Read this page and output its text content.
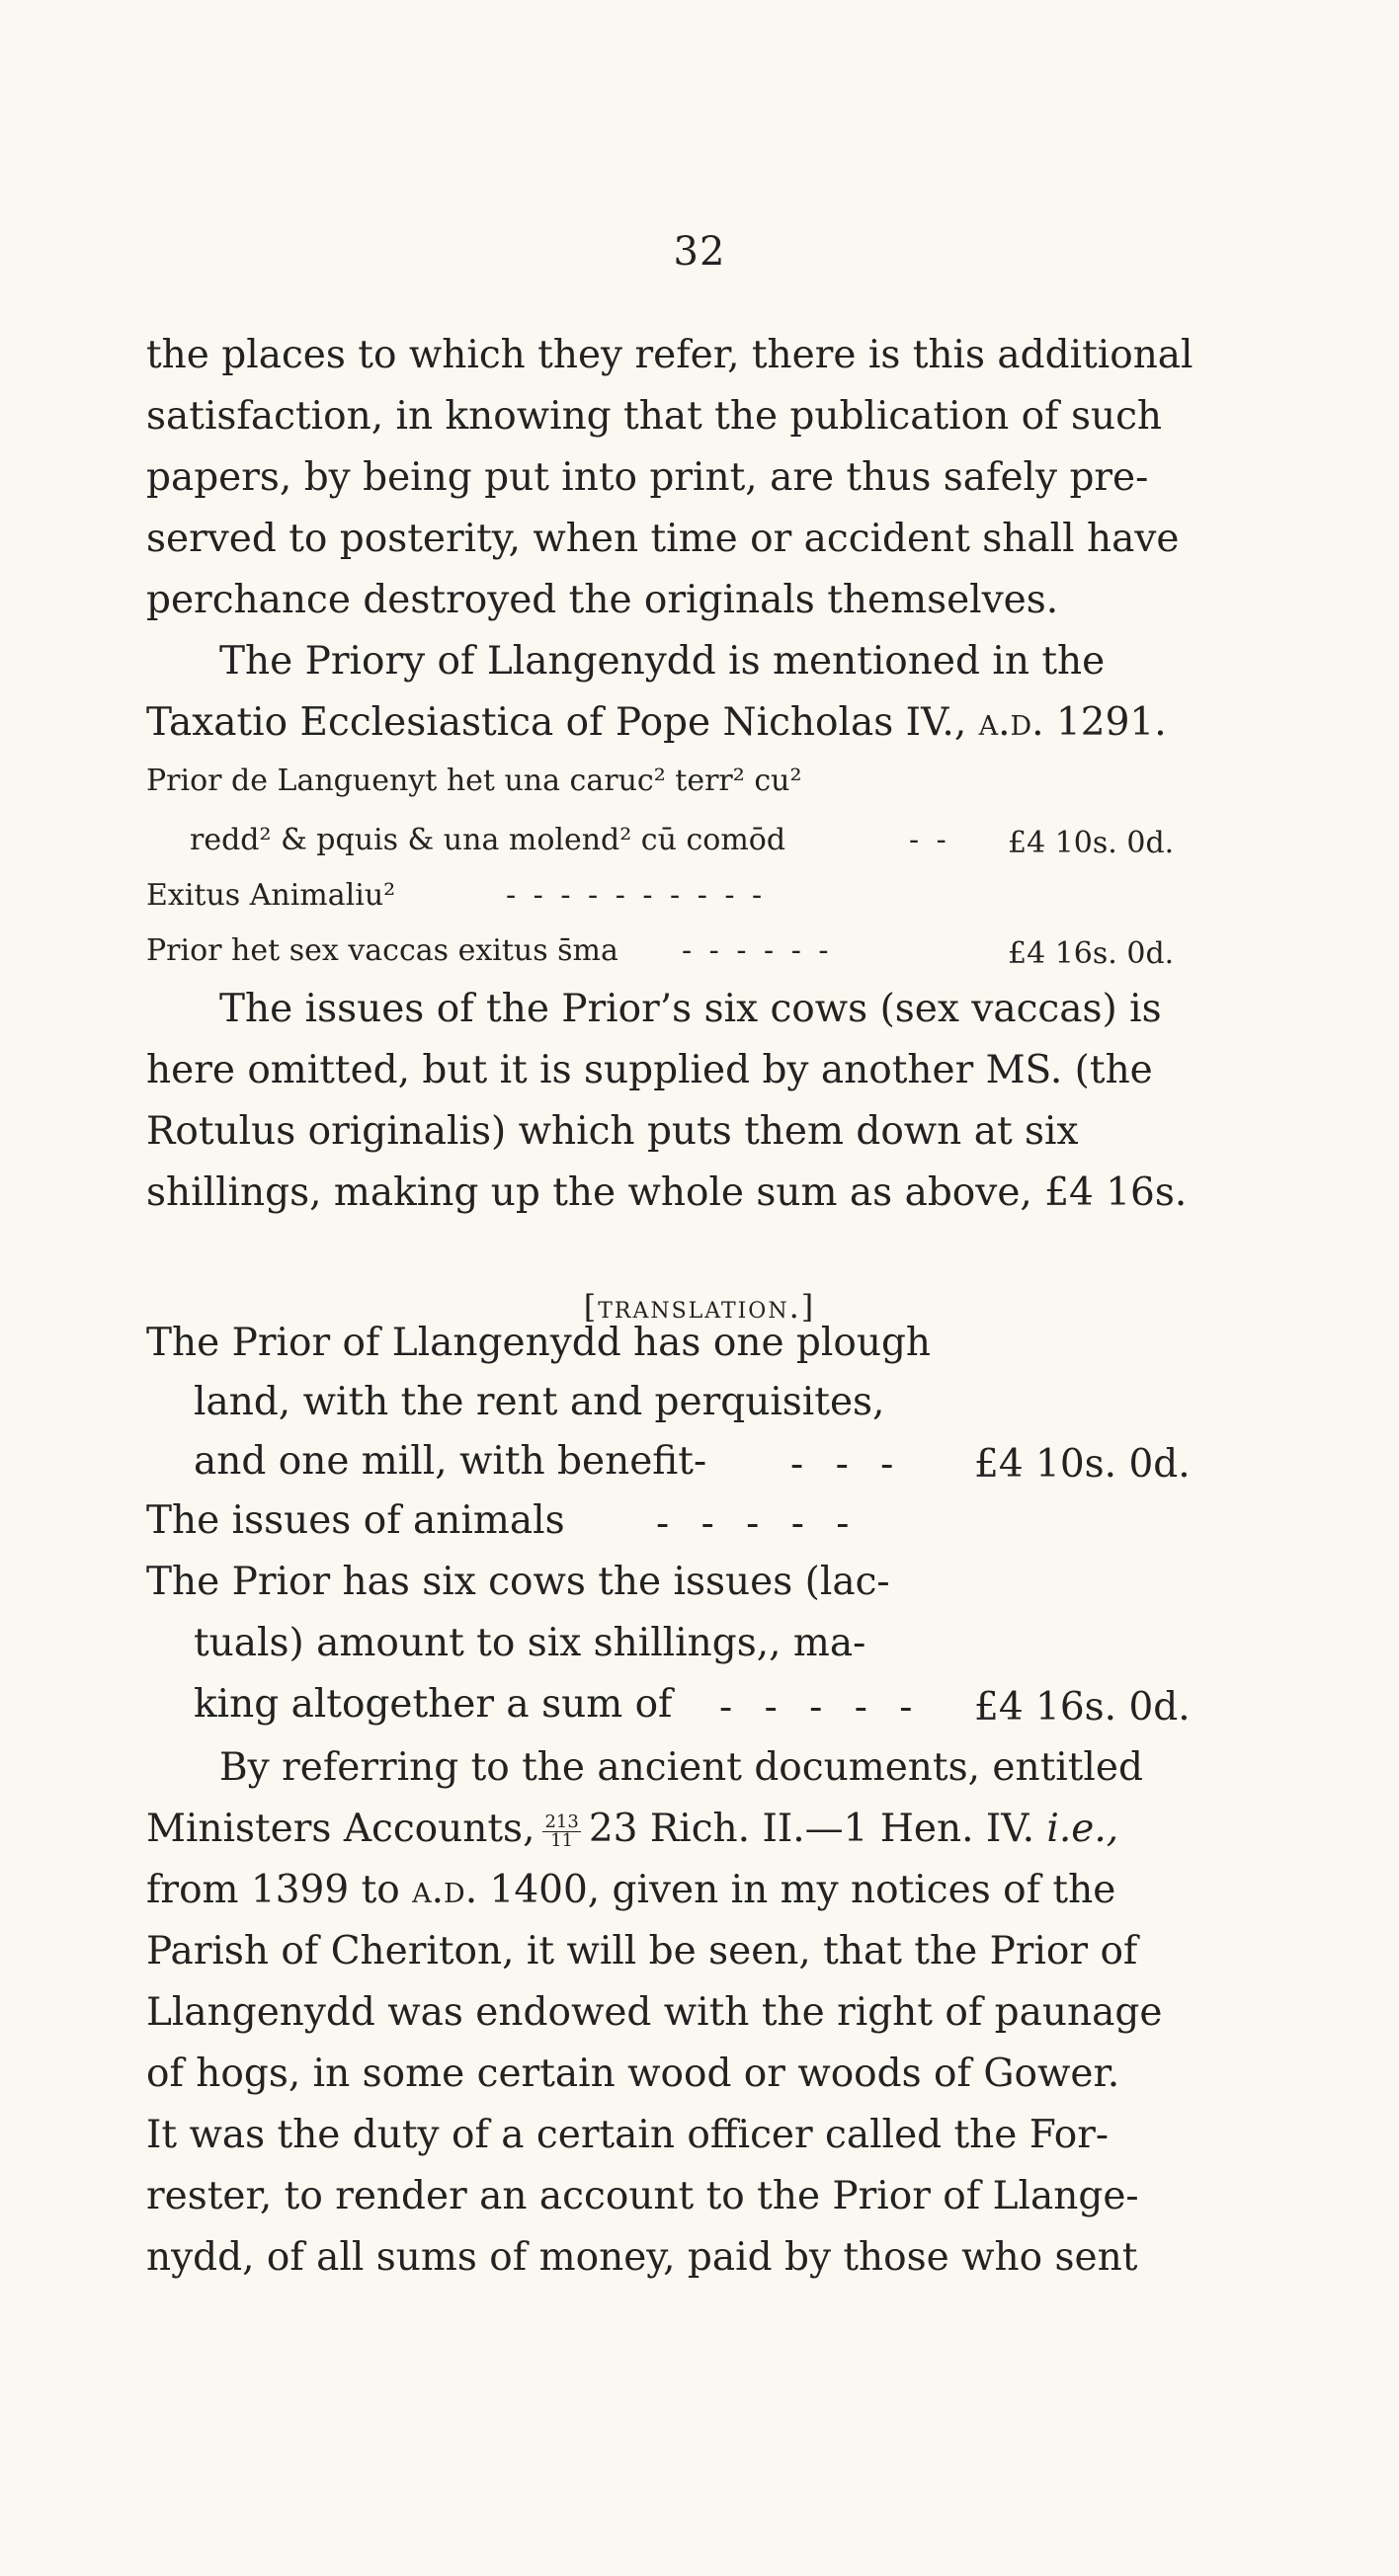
32
the places to which they refer, there is this additional
satisfaction, in knowing that the publication of such
papers, by being put into print, are thus safely pre-
served to posterity, when time or accident shall have
perchance destroyed the originals themselves.
The Priory of Llangenydd is mentioned in the
Taxatio Ecclesiastica of Pope Nicholas IV., a.d. 1291.
Prior de Languenyt het una caruc² terr² cu²
redd² & pquis & una molend² cū comōd	- - £4 10s. 0d.
Exitus Animaliu²	- - - - - - - - - -
Prior het sex vaccas exitus s̄ma - - - - - -	£4 16s. 0d.
The issues of the Prior’s six cows (sex vaccas) is
here omitted, but it is supplied by another MS. (the
Rotulus originalis) which puts them down at six
shillings, making up the whole sum as above, £4 16s.
[translation.]
The Prior of Llangenydd has one plough
land, with the rent and perquisites,
and one mill, with benefit- - - - £4 10s. 0d.
The issues of animals - - - - -
The Prior has six cows the issues (lac-
tuals) amount to six shillings,, ma-
king altogether a sum of - - - - - £4 16s. 0d.
By referring to the ancient documents, entitled
Ministers Accounts, $\frac{213}{11} 23$ Rich. II.—1 Hen. IV. i.e.,
from 1399 to a.d. 1400, given in my notices of the
Parish of Cheriton, it will be seen, that the Prior of
Llangenydd was endowed with the right of paunage
of hogs, in some certain wood or woods of Gower.
It was the duty of a certain officer called the For-
rester, to render an account to the Prior of Llange-
nydd, of all sums of money, paid by those who sent
